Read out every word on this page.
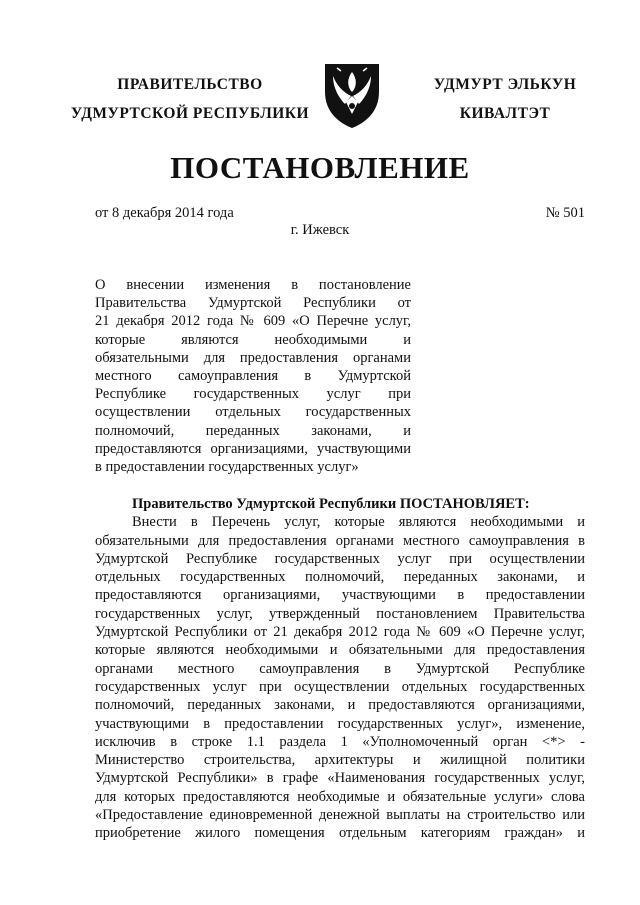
ПРАВИТЕЛЬСТВО
УДМУРТСКОЙ РЕСПУБЛИКИ
УДМУРТ ЭЛЬКУН
КИВАЛТЭТ
ПОСТАНОВЛЕНИЕ
от 8 декабря 2014 года	№ 501
г. Ижевск
О внесении изменения в постановление
Правительства Удмуртской Республики от
21 декабря 2012 года № 609 «О Перечне услуг,
которые являются необходимыми и
обязательными для предоставления органами
местного самоуправления в Удмуртской
Республике государственных услуг при
осуществлении отдельных государственных
полномочий, переданных законами, и
предоставляются организациями, участвующими
в предоставлении государственных услуг»
Правительство Удмуртской Республики ПОСТАНОВЛЯЕТ:
Внести в Перечень услуг, которые являются необходимыми и
обязательными для предоставления органами местного самоуправления в
Удмуртской Республике государственных услуг при осуществлении
отдельных государственных полномочий, переданных законами, и
предоставляются организациями, участвующими в предоставлении
государственных услуг, утвержденный постановлением Правительства
Удмуртской Республики от 21 декабря 2012 года № 609 «О Перечне услуг,
которые являются необходимыми и обязательными для предоставления
органами местного самоуправления в Удмуртской Республике
государственных услуг при осуществлении отдельных государственных
полномочий, переданных законами, и предоставляются организациями,
участвующими в предоставлении государственных услуг», изменение,
исключив в строке 1.1 раздела 1 «Уполномоченный орган <*> -
Министерство строительства, архитектуры и жилищной политики
Удмуртской Республики» в графе «Наименования государственных услуг,
для которых предоставляются необходимые и обязательные услуги» слова
«Предоставление единовременной денежной выплаты на строительство или
приобретение жилого помещения отдельным категориям граждан» и
